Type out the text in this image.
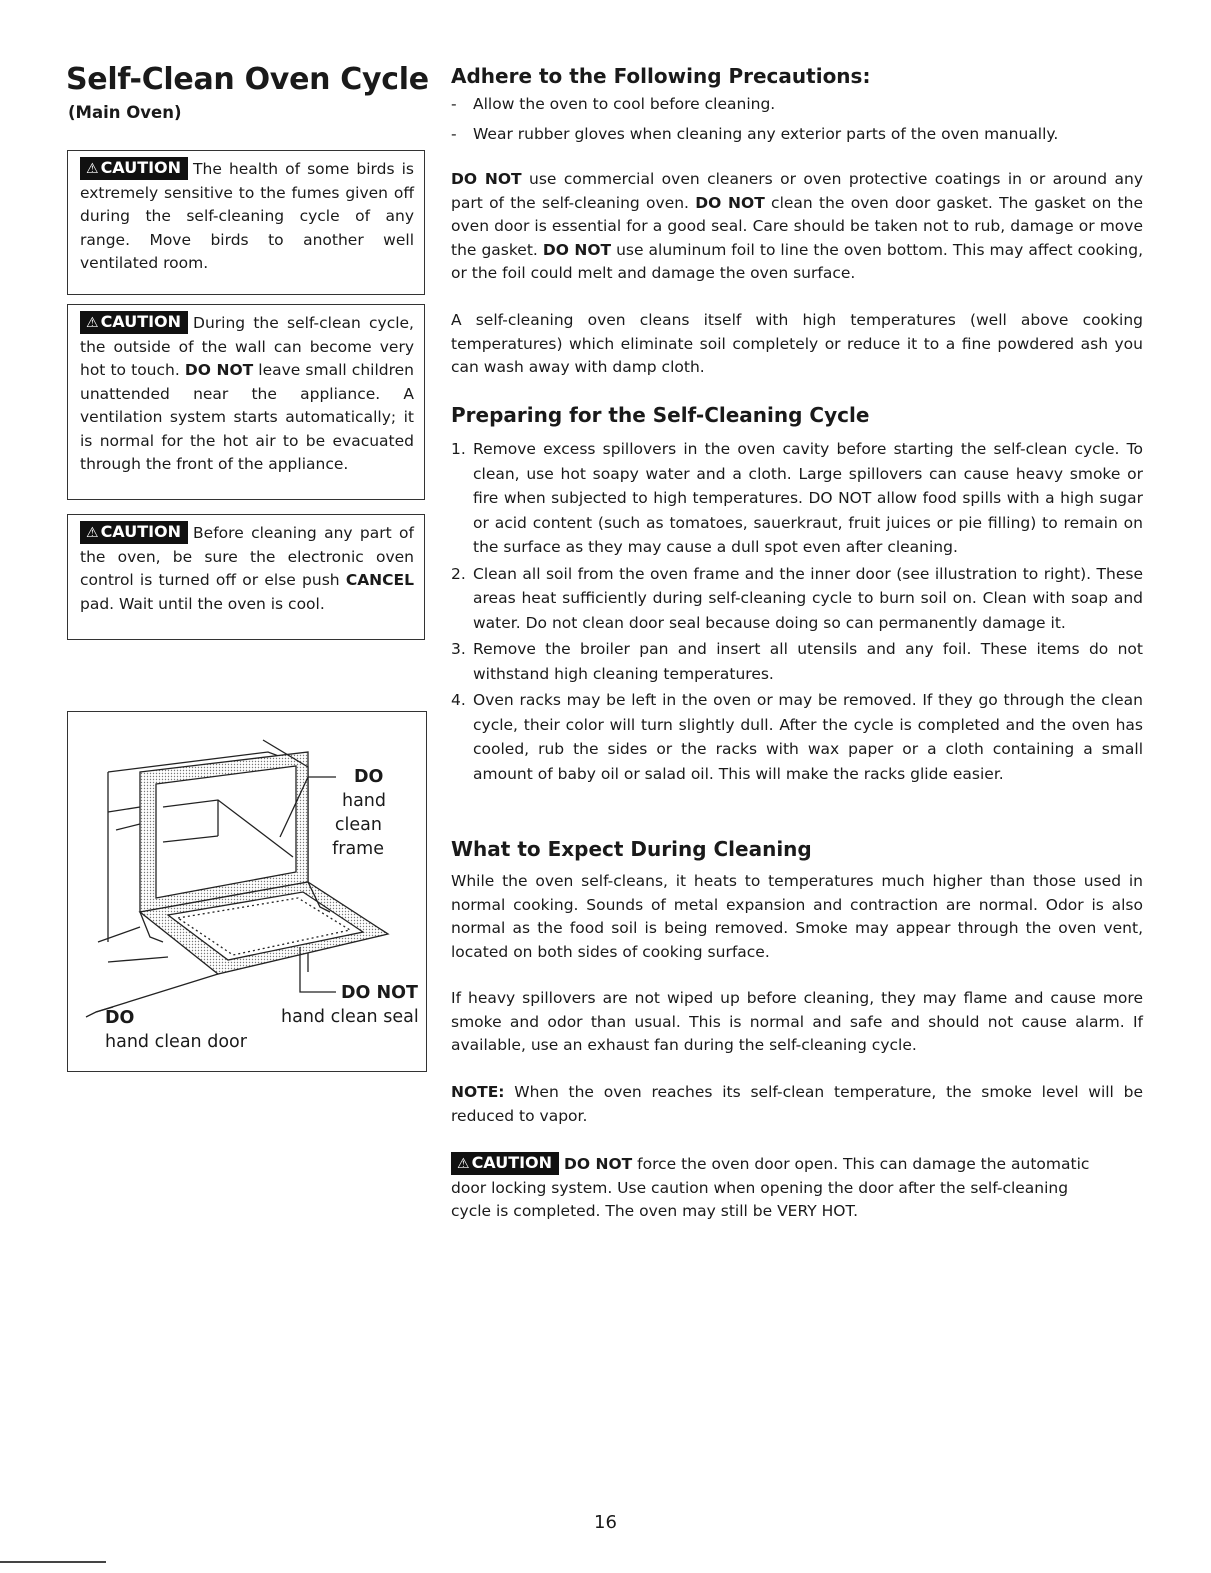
Self-Clean Oven Cycle
(Main Oven)
⚠ CAUTION The health of some birds is extremely sensitive to the fumes given off during the self-cleaning cycle of any range. Move birds to another well ventilated room.
⚠ CAUTION During the self-clean cycle, the outside of the wall can become very hot to touch. DO NOT leave small children unattended near the appliance. A ventilation system starts automatically; it is normal for the hot air to be evacuated through the front of the appliance.
⚠ CAUTION Before cleaning any part of the oven, be sure the electronic oven control is turned off or else push CANCEL pad. Wait until the oven is cool.
DO
hand
clean
frame
DO NOT
hand clean seal
DO
hand clean door
Adhere to the Following Precautions:
- Allow the oven to cool before cleaning.
- Wear rubber gloves when cleaning any exterior parts of the oven manually.
DO NOT use commercial oven cleaners or oven protective coatings in or around any part of the self-cleaning oven. DO NOT clean the oven door gasket. The gasket on the oven door is essential for a good seal. Care should be taken not to rub, damage or move the gasket. DO NOT use aluminum foil to line the oven bottom. This may affect cooking, or the foil could melt and damage the oven surface.
A self-cleaning oven cleans itself with high temperatures (well above cooking temperatures) which eliminate soil completely or reduce it to a fine powdered ash you can wash away with damp cloth.
Preparing for the Self-Cleaning Cycle
1. Remove excess spillovers in the oven cavity before starting the self-clean cycle. To clean, use hot soapy water and a cloth. Large spillovers can cause heavy smoke or fire when subjected to high temperatures. DO NOT allow food spills with a high sugar or acid content (such as tomatoes, sauerkraut, fruit juices or pie filling) to remain on the surface as they may cause a dull spot even after cleaning.
2. Clean all soil from the oven frame and the inner door (see illustration to right). These areas heat sufficiently during self-cleaning cycle to burn soil on. Clean with soap and water. Do not clean door seal because doing so can permanently damage it.
3. Remove the broiler pan and insert all utensils and any foil. These items do not withstand high cleaning temperatures.
4. Oven racks may be left in the oven or may be removed. If they go through the clean cycle, their color will turn slightly dull. After the cycle is completed and the oven has cooled, rub the sides or the racks with wax paper or a cloth containing a small amount of baby oil or salad oil. This will make the racks glide easier.
What to Expect During Cleaning
While the oven self-cleans, it heats to temperatures much higher than those used in normal cooking. Sounds of metal expansion and contraction are normal. Odor is also normal as the food soil is being removed. Smoke may appear through the oven vent, located on both sides of cooking surface.
If heavy spillovers are not wiped up before cleaning, they may flame and cause more smoke and odor than usual. This is normal and safe and should not cause alarm. If available, use an exhaust fan during the self-cleaning cycle.
NOTE: When the oven reaches its self-clean temperature, the smoke level will be reduced to vapor.
⚠ CAUTION DO NOT force the oven door open. This can damage the automatic door locking system. Use caution when opening the door after the self-cleaning cycle is completed. The oven may still be VERY HOT.
16
